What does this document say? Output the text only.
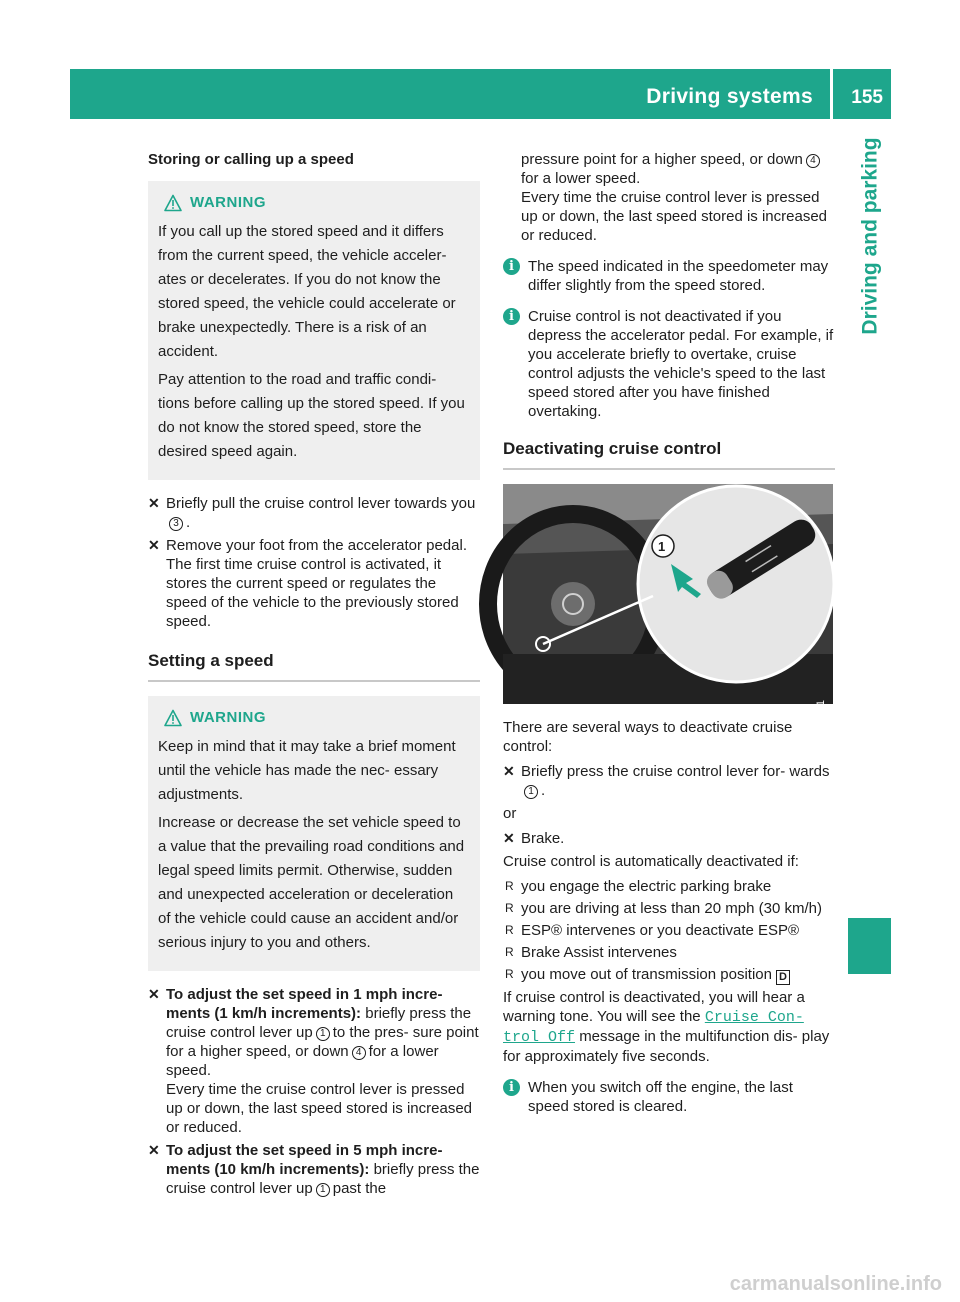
Driving systems 155
Driving and parking
Storing or calling up a speed
WARNING

If you call up the stored speed and it differs from the current speed, the vehicle acceler- ates or decelerates. If you do not know the stored speed, the vehicle could accelerate or brake unexpectedly. There is a risk of an accident.

Pay attention to the road and traffic condi- tions before calling up the stored speed. If you do not know the stored speed, store the desired speed again.

✕ Briefly pull the cruise control lever towards you 3 .
✕ Remove your foot from the accelerator pedal.
The first time cruise control is activated, it stores the current speed or regulates the speed of the vehicle to the previously stored speed.
Setting a speed
WARNING

Keep in mind that it may take a brief moment until the vehicle has made the nec- essary adjustments.

Increase or decrease the set vehicle speed to a value that the prevailing road conditions and legal speed limits permit. Otherwise, sudden and unexpected acceleration or deceleration of the vehicle could cause an accident and/or serious injury to you and others.

✕ To adjust the set speed in 1 mph incre- ments (1 km/h increments): briefly press the cruise control lever up 1 to the pres- sure point for a higher speed, or down 4 for a lower speed.
Every time the cruise control lever is pressed up or down, the last speed stored is increased or reduced.
✕ To adjust the set speed in 5 mph incre- ments (10 km/h increments): briefly press the cruise control lever up 1 past the
pressure point for a higher speed, or down 4for a lower speed.
Every time the cruise control lever is pressed up or down, the last speed stored is increased or reduced.
i The speed indicated in the speedometer may differ slightly from the speed stored.
i Cruise control is not deactivated if you depress the accelerator pedal. For example, if you accelerate briefly to overtake, cruise control adjusts the vehicle's speed to the last speed stored after you have finished overtaking.
Deactivating cruise control
1
P54.26-0389-31

There are several ways to deactivate cruise control:

✕ Briefly press the cruise control lever for- wards1 .

or

✕ Brake.

Cruise control is automatically deactivated if:

R you engage the electric parking brake
R you are driving at less than 20 mph (30 km/h)
R ESP® intervenes or you deactivate ESP®
R Brake Assist intervenes
R you move out of transmission position D

If cruise control is deactivated, you will hear a warning tone. You will see the Cruise Con‐ trol Off message in the multifunction dis- play for approximately five seconds.

i When you switch off the engine, the last speed stored is cleared.
carmanualsonline.info
